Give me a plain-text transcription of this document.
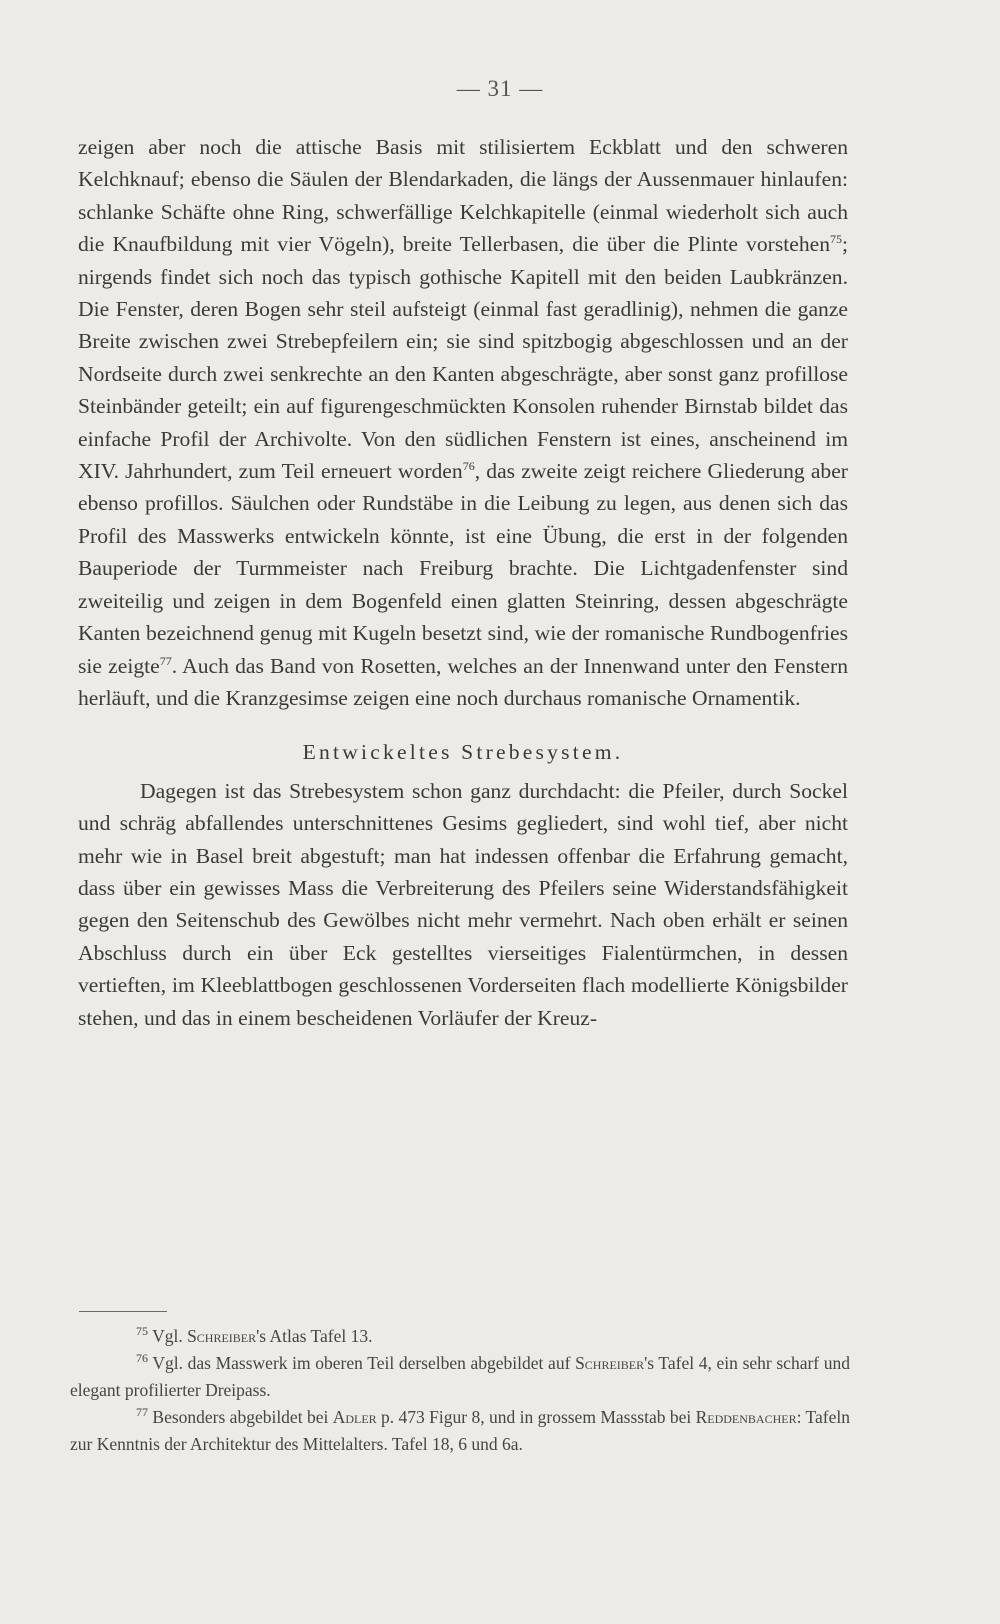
— 31 —

zeigen aber noch die attische Basis mit stilisiertem Eckblatt und den schweren Kelchknauf; ebenso die Säulen der Blendarkaden, die längs der Aussenmauer hinlaufen: schlanke Schäfte ohne Ring, schwerfällige Kelchkapitelle (einmal wiederholt sich auch die Knaufbildung mit vier Vögeln), breite Tellerbasen, die über die Plinte vorstehen$^{75}$; nirgends findet sich noch das typisch gothische Kapitell mit den beiden Laubkränzen. Die Fenster, deren Bogen sehr steil aufsteigt (einmal fast geradlinig), nehmen die ganze Breite zwischen zwei Strebepfeilern ein; sie sind spitzbogig abgeschlossen und an der Nordseite durch zwei senkrechte an den Kanten abgeschrägte, aber sonst ganz profillose Steinbänder geteilt; ein auf figurengeschmückten Konsolen ruhender Birnstab bildet das einfache Profil der Archivolte. Von den südlichen Fenstern ist eines, anscheinend im XIV. Jahrhundert, zum Teil erneuert worden$^{76}$, das zweite zeigt reichere Gliederung aber ebenso profillos. Säulchen oder Rundstäbe in die Leibung zu legen, aus denen sich das Profil des Masswerks entwickeln könnte, ist eine Übung, die erst in der folgenden Bauperiode der Turmmeister nach Freiburg brachte. Die Lichtgadenfenster sind zweiteilig und zeigen in dem Bogenfeld einen glatten Steinring, dessen abgeschrägte Kanten bezeichnend genug mit Kugeln besetzt sind, wie der romanische Rundbogenfries sie zeigte$^{77}$. Auch das Band von Rosetten, welches an der Innenwand unter den Fenstern herläuft, und die Kranzgesimse zeigen eine noch durchaus romanische Ornamentik.

Entwickeltes Strebesystem.

Dagegen ist das Strebesystem schon ganz durchdacht: die Pfeiler, durch Sockel und schräg abfallendes unterschnittenes Gesims gegliedert, sind wohl tief, aber nicht mehr wie in Basel breit abgestuft; man hat indessen offenbar die Erfahrung gemacht, dass über ein gewisses Mass die Verbreiterung des Pfeilers seine Widerstandsfähigkeit gegen den Seitenschub des Gewölbes nicht mehr vermehrt. Nach oben erhält er seinen Abschluss durch ein über Eck gestelltes vierseitiges Fialentürmchen, in dessen vertieften, im Kleeblattbogen geschlossenen Vorderseiten flach modellierte Königsbilder stehen, und das in einem bescheidenen Vorläufer der Kreuz-

$^{75}$ Vgl. Schreiber's Atlas Tafel 13.

$^{76}$ Vgl. das Masswerk im oberen Teil derselben abgebildet auf Schreiber's Tafel 4, ein sehr scharf und elegant profilierter Dreipass.

$^{77}$ Besonders abgebildet bei Adler p. 473 Figur 8, und in grossem Massstab bei Reddenbacher: Tafeln zur Kenntnis der Architektur des Mittelalters. Tafel 18, 6 und 6a.
